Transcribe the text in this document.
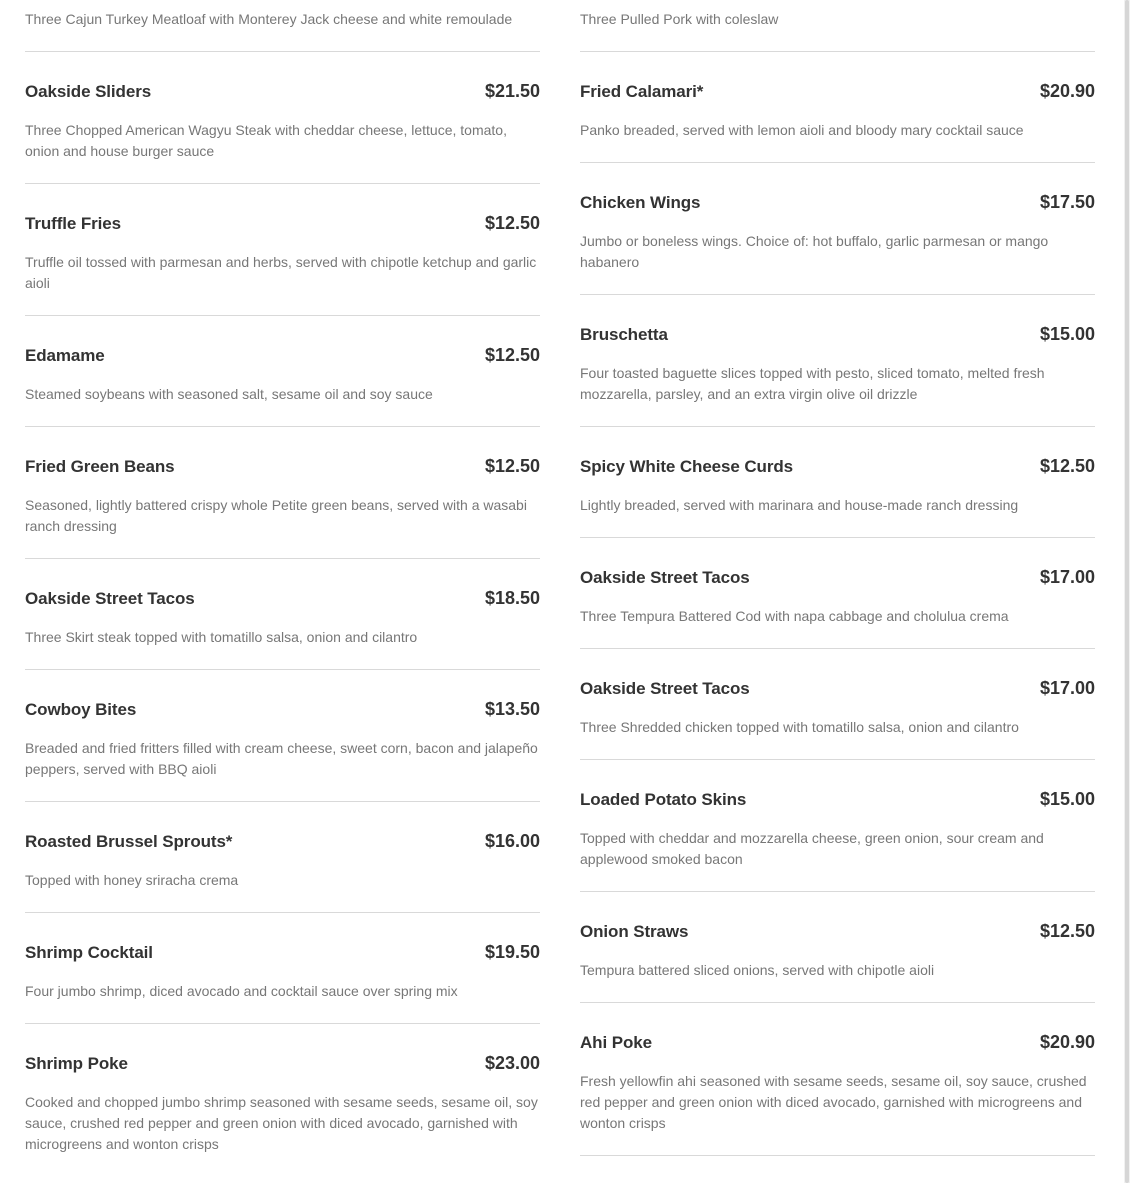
Three Cajun Turkey Meatloaf with Monterey Jack cheese and white remoulade
Oakside Sliders	$21.50
Three Chopped American Wagyu Steak with cheddar cheese, lettuce, tomato, onion and house burger sauce
Truffle Fries	$12.50
Truffle oil tossed with parmesan and herbs, served with chipotle ketchup and garlic aioli
Edamame	$12.50
Steamed soybeans with seasoned salt, sesame oil and soy sauce
Fried Green Beans	$12.50
Seasoned, lightly battered crispy whole Petite green beans, served with a wasabi ranch dressing
Oakside Street Tacos	$18.50
Three Skirt steak topped with tomatillo salsa, onion and cilantro
Cowboy Bites	$13.50
Breaded and fried fritters filled with cream cheese, sweet corn, bacon and jalapeño peppers, served with BBQ aioli
Roasted Brussel Sprouts*	$16.00
Topped with honey sriracha crema
Shrimp Cocktail	$19.50
Four jumbo shrimp, diced avocado and cocktail sauce over spring mix
Shrimp Poke	$23.00
Cooked and chopped jumbo shrimp seasoned with sesame seeds, sesame oil, soy sauce, crushed red pepper and green onion with diced avocado, garnished with microgreens and wonton crisps
Three Pulled Pork with coleslaw
Fried Calamari*	$20.90
Panko breaded, served with lemon aioli and bloody mary cocktail sauce
Chicken Wings	$17.50
Jumbo or boneless wings. Choice of: hot buffalo, garlic parmesan or mango habanero
Bruschetta	$15.00
Four toasted baguette slices topped with pesto, sliced tomato, melted fresh mozzarella, parsley, and an extra virgin olive oil drizzle
Spicy White Cheese Curds	$12.50
Lightly breaded, served with marinara and house-made ranch dressing
Oakside Street Tacos	$17.00
Three Tempura Battered Cod with napa cabbage and cholulua crema
Oakside Street Tacos	$17.00
Three Shredded chicken topped with tomatillo salsa, onion and cilantro
Loaded Potato Skins	$15.00
Topped with cheddar and mozzarella cheese, green onion, sour cream and applewood smoked bacon
Onion Straws	$12.50
Tempura battered sliced onions, served with chipotle aioli
Ahi Poke	$20.90
Fresh yellowfin ahi seasoned with sesame seeds, sesame oil, soy sauce, crushed red pepper and green onion with diced avocado, garnished with microgreens and wonton crisps
